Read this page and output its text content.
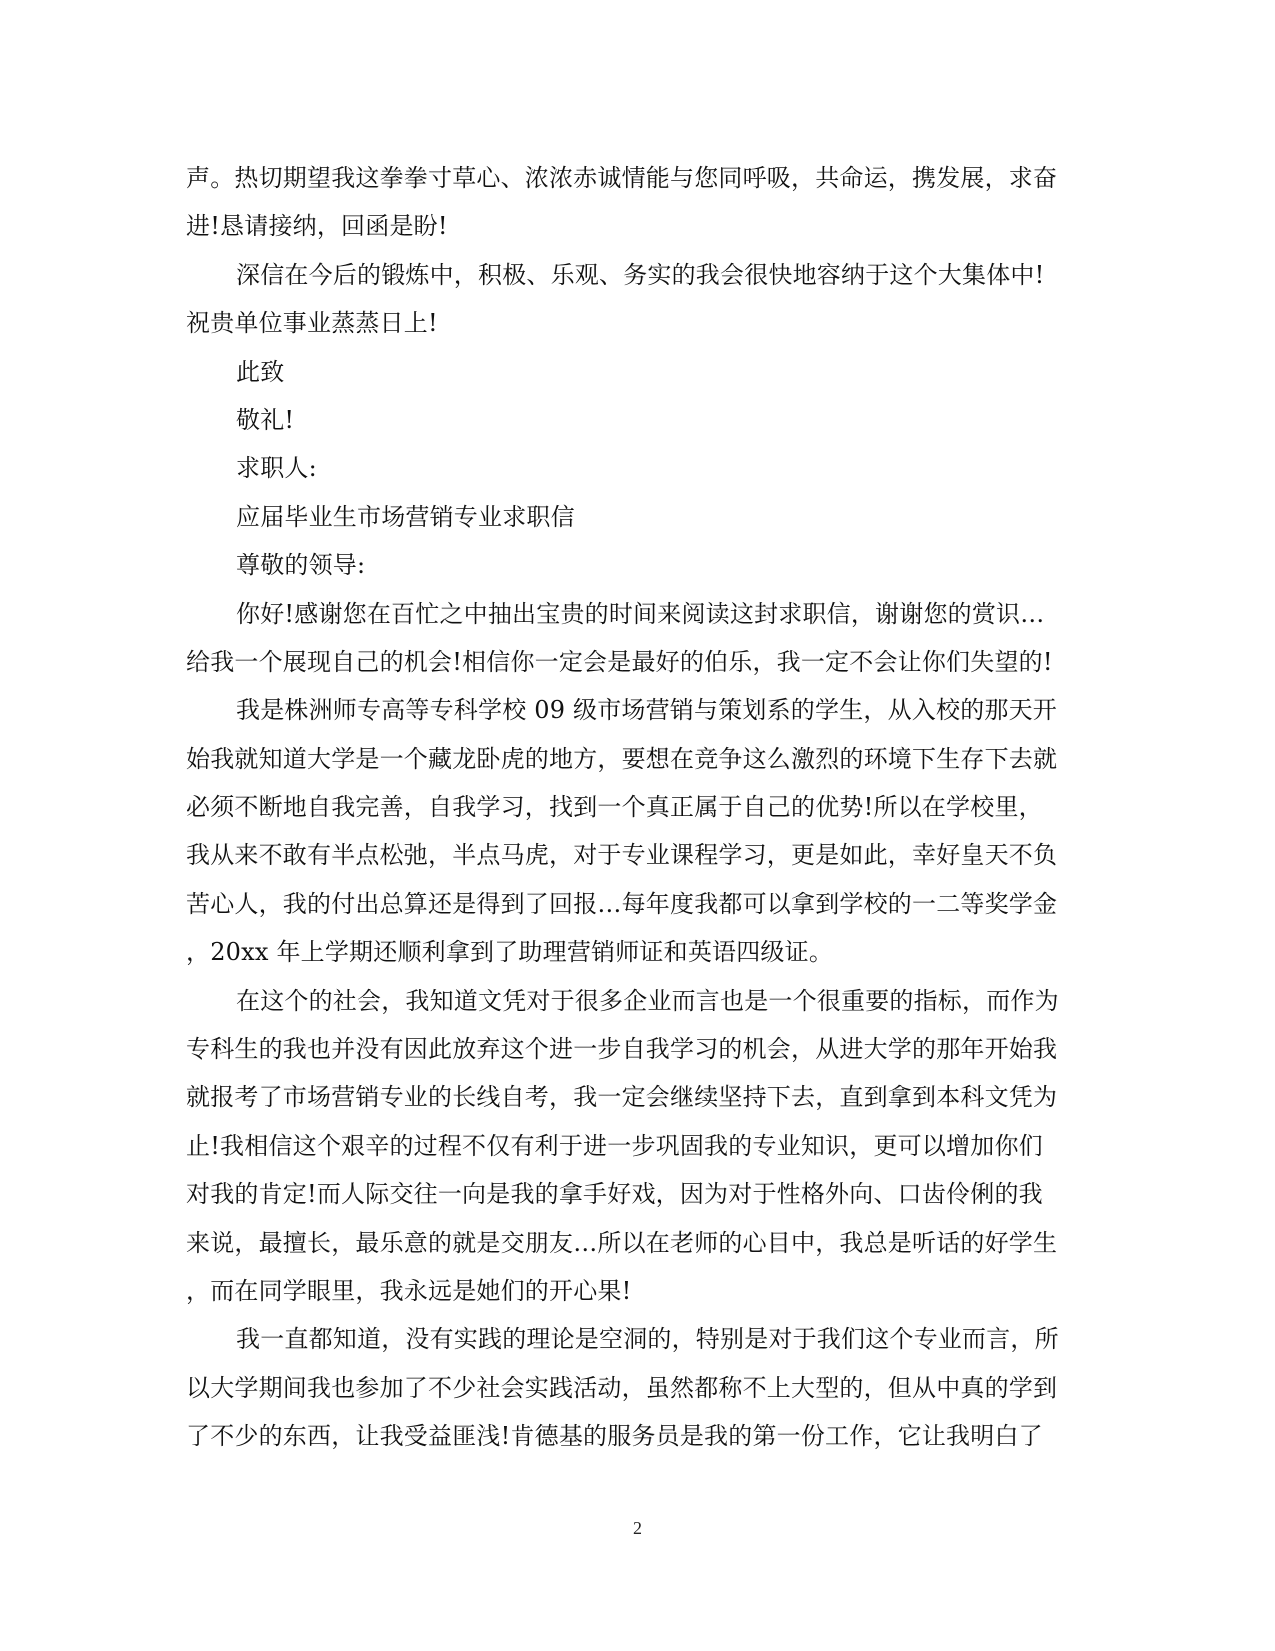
声。热切期望我这拳拳寸草心、浓浓赤诚情能与您同呼吸，共命运，携发展，求奋
进!恳请接纳，回函是盼!
深信在今后的锻炼中，积极、乐观、务实的我会很快地容纳于这个大集体中!
祝贵单位事业蒸蒸日上!
此致
敬礼!
求职人:
应届毕业生市场营销专业求职信
尊敬的领导:
你好!感谢您在百忙之中抽出宝贵的时间来阅读这封求职信，谢谢您的赏识…
给我一个展现自己的机会!相信你一定会是最好的伯乐，我一定不会让你们失望的!
我是株洲师专高等专科学校 09 级市场营销与策划系的学生，从入校的那天开
始我就知道大学是一个藏龙卧虎的地方，要想在竞争这么激烈的环境下生存下去就
必须不断地自我完善，自我学习，找到一个真正属于自己的优势!所以在学校里，
我从来不敢有半点松弛，半点马虎，对于专业课程学习，更是如此，幸好皇天不负
苦心人，我的付出总算还是得到了回报…每年度我都可以拿到学校的一二等奖学金
，20xx 年上学期还顺利拿到了助理营销师证和英语四级证。
在这个的社会，我知道文凭对于很多企业而言也是一个很重要的指标，而作为
专科生的我也并没有因此放弃这个进一步自我学习的机会，从进大学的那年开始我
就报考了市场营销专业的长线自考，我一定会继续坚持下去，直到拿到本科文凭为
止!我相信这个艰辛的过程不仅有利于进一步巩固我的专业知识，更可以增加你们
对我的肯定!而人际交往一向是我的拿手好戏，因为对于性格外向、口齿伶俐的我
来说，最擅长，最乐意的就是交朋友…所以在老师的心目中，我总是听话的好学生
，而在同学眼里，我永远是她们的开心果!
我一直都知道，没有实践的理论是空洞的，特别是对于我们这个专业而言，所
以大学期间我也参加了不少社会实践活动，虽然都称不上大型的，但从中真的学到
了不少的东西，让我受益匪浅!肯德基的服务员是我的第一份工作，它让我明白了
2
